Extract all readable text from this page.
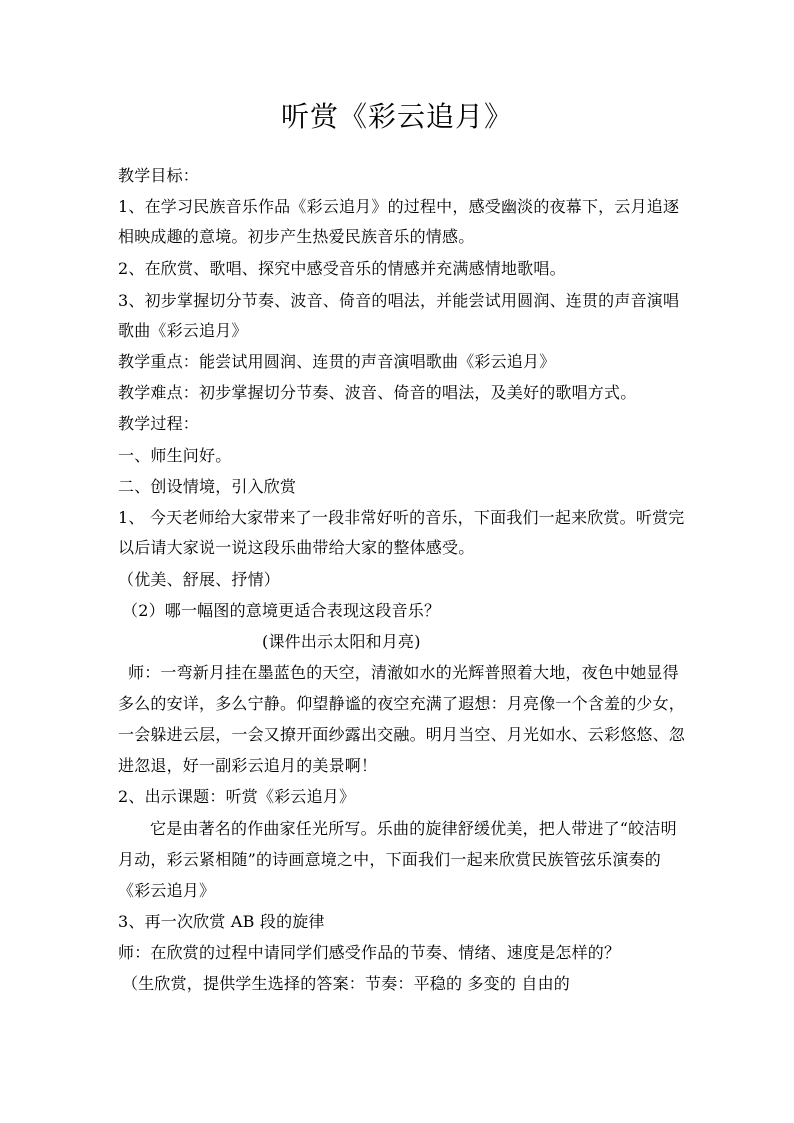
听赏《彩云追月》
教学目标：
1、在学习民族音乐作品《彩云追月》的过程中，感受幽淡的夜幕下，云月追逐
相映成趣的意境。初步产生热爱民族音乐的情感。
2、在欣赏、歌唱、探究中感受音乐的情感并充满感情地歌唱。
3、初步掌握切分节奏、波音、倚音的唱法，并能尝试用圆润、连贯的声音演唱
歌曲《彩云追月》
教学重点：能尝试用圆润、连贯的声音演唱歌曲《彩云追月》
教学难点：初步掌握切分节奏、波音、倚音的唱法，及美好的歌唱方式。
教学过程：
一、师生问好。
二、创设情境，引入欣赏
1、 今天老师给大家带来了一段非常好听的音乐，下面我们一起来欣赏。听赏完
以后请大家说一说这段乐曲带给大家的整体感受。
（优美、舒展、抒情）
（2）哪一幅图的意境更适合表现这段音乐？
(课件出示太阳和月亮)
师：一弯新月挂在墨蓝色的天空，清澈如水的光辉普照着大地，夜色中她显得
多么的安详，多么宁静。仰望静谧的夜空充满了遐想：月亮像一个含羞的少女，
一会躲进云层，一会又撩开面纱露出交融。明月当空、月光如水、云彩悠悠、忽
进忽退，好一副彩云追月的美景啊！
2、出示课题：听赏《彩云追月》
它是由著名的作曲家任光所写。乐曲的旋律舒缓优美，把人带进了“皎洁明
月动，彩云紧相随”的诗画意境之中，下面我们一起来欣赏民族管弦乐演奏的
《彩云追月》
3、再一次欣赏 AB 段的旋律
师：在欣赏的过程中请同学们感受作品的节奏、情绪、速度是怎样的？
（生欣赏，提供学生选择的答案：节奏：平稳的 多变的 自由的
